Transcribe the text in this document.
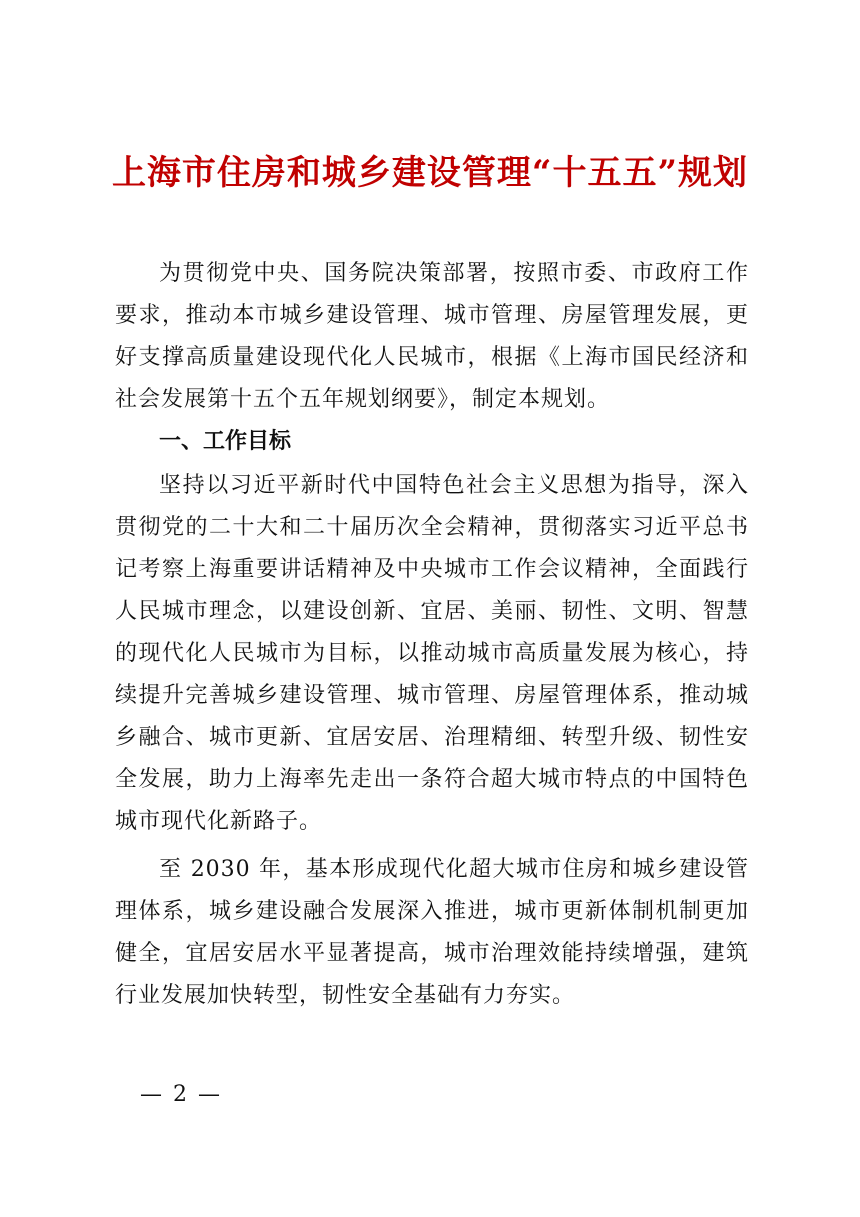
上海市住房和城乡建设管理“十五五”规划

为贯彻党中央、国务院决策部署，按照市委、市政府工作要求，推动本市城乡建设管理、城市管理、房屋管理发展，更好支撑高质量建设现代化人民城市，根据《上海市国民经济和社会发展第十五个五年规划纲要》，制定本规划。

一、工作目标

坚持以习近平新时代中国特色社会主义思想为指导，深入贯彻党的二十大和二十届历次全会精神，贯彻落实习近平总书记考察上海重要讲话精神及中央城市工作会议精神，全面践行人民城市理念，以建设创新、宜居、美丽、韧性、文明、智慧的现代化人民城市为目标，以推动城市高质量发展为核心，持续提升完善城乡建设管理、城市管理、房屋管理体系，推动城乡融合、城市更新、宜居安居、治理精细、转型升级、韧性安全发展，助力上海率先走出一条符合超大城市特点的中国特色城市现代化新路子。

至 2030 年，基本形成现代化超大城市住房和城乡建设管理体系，城乡建设融合发展深入推进，城市更新体制机制更加健全，宜居安居水平显著提高，城市治理效能持续增强，建筑行业发展加快转型，韧性安全基础有力夯实。

— 2 —
